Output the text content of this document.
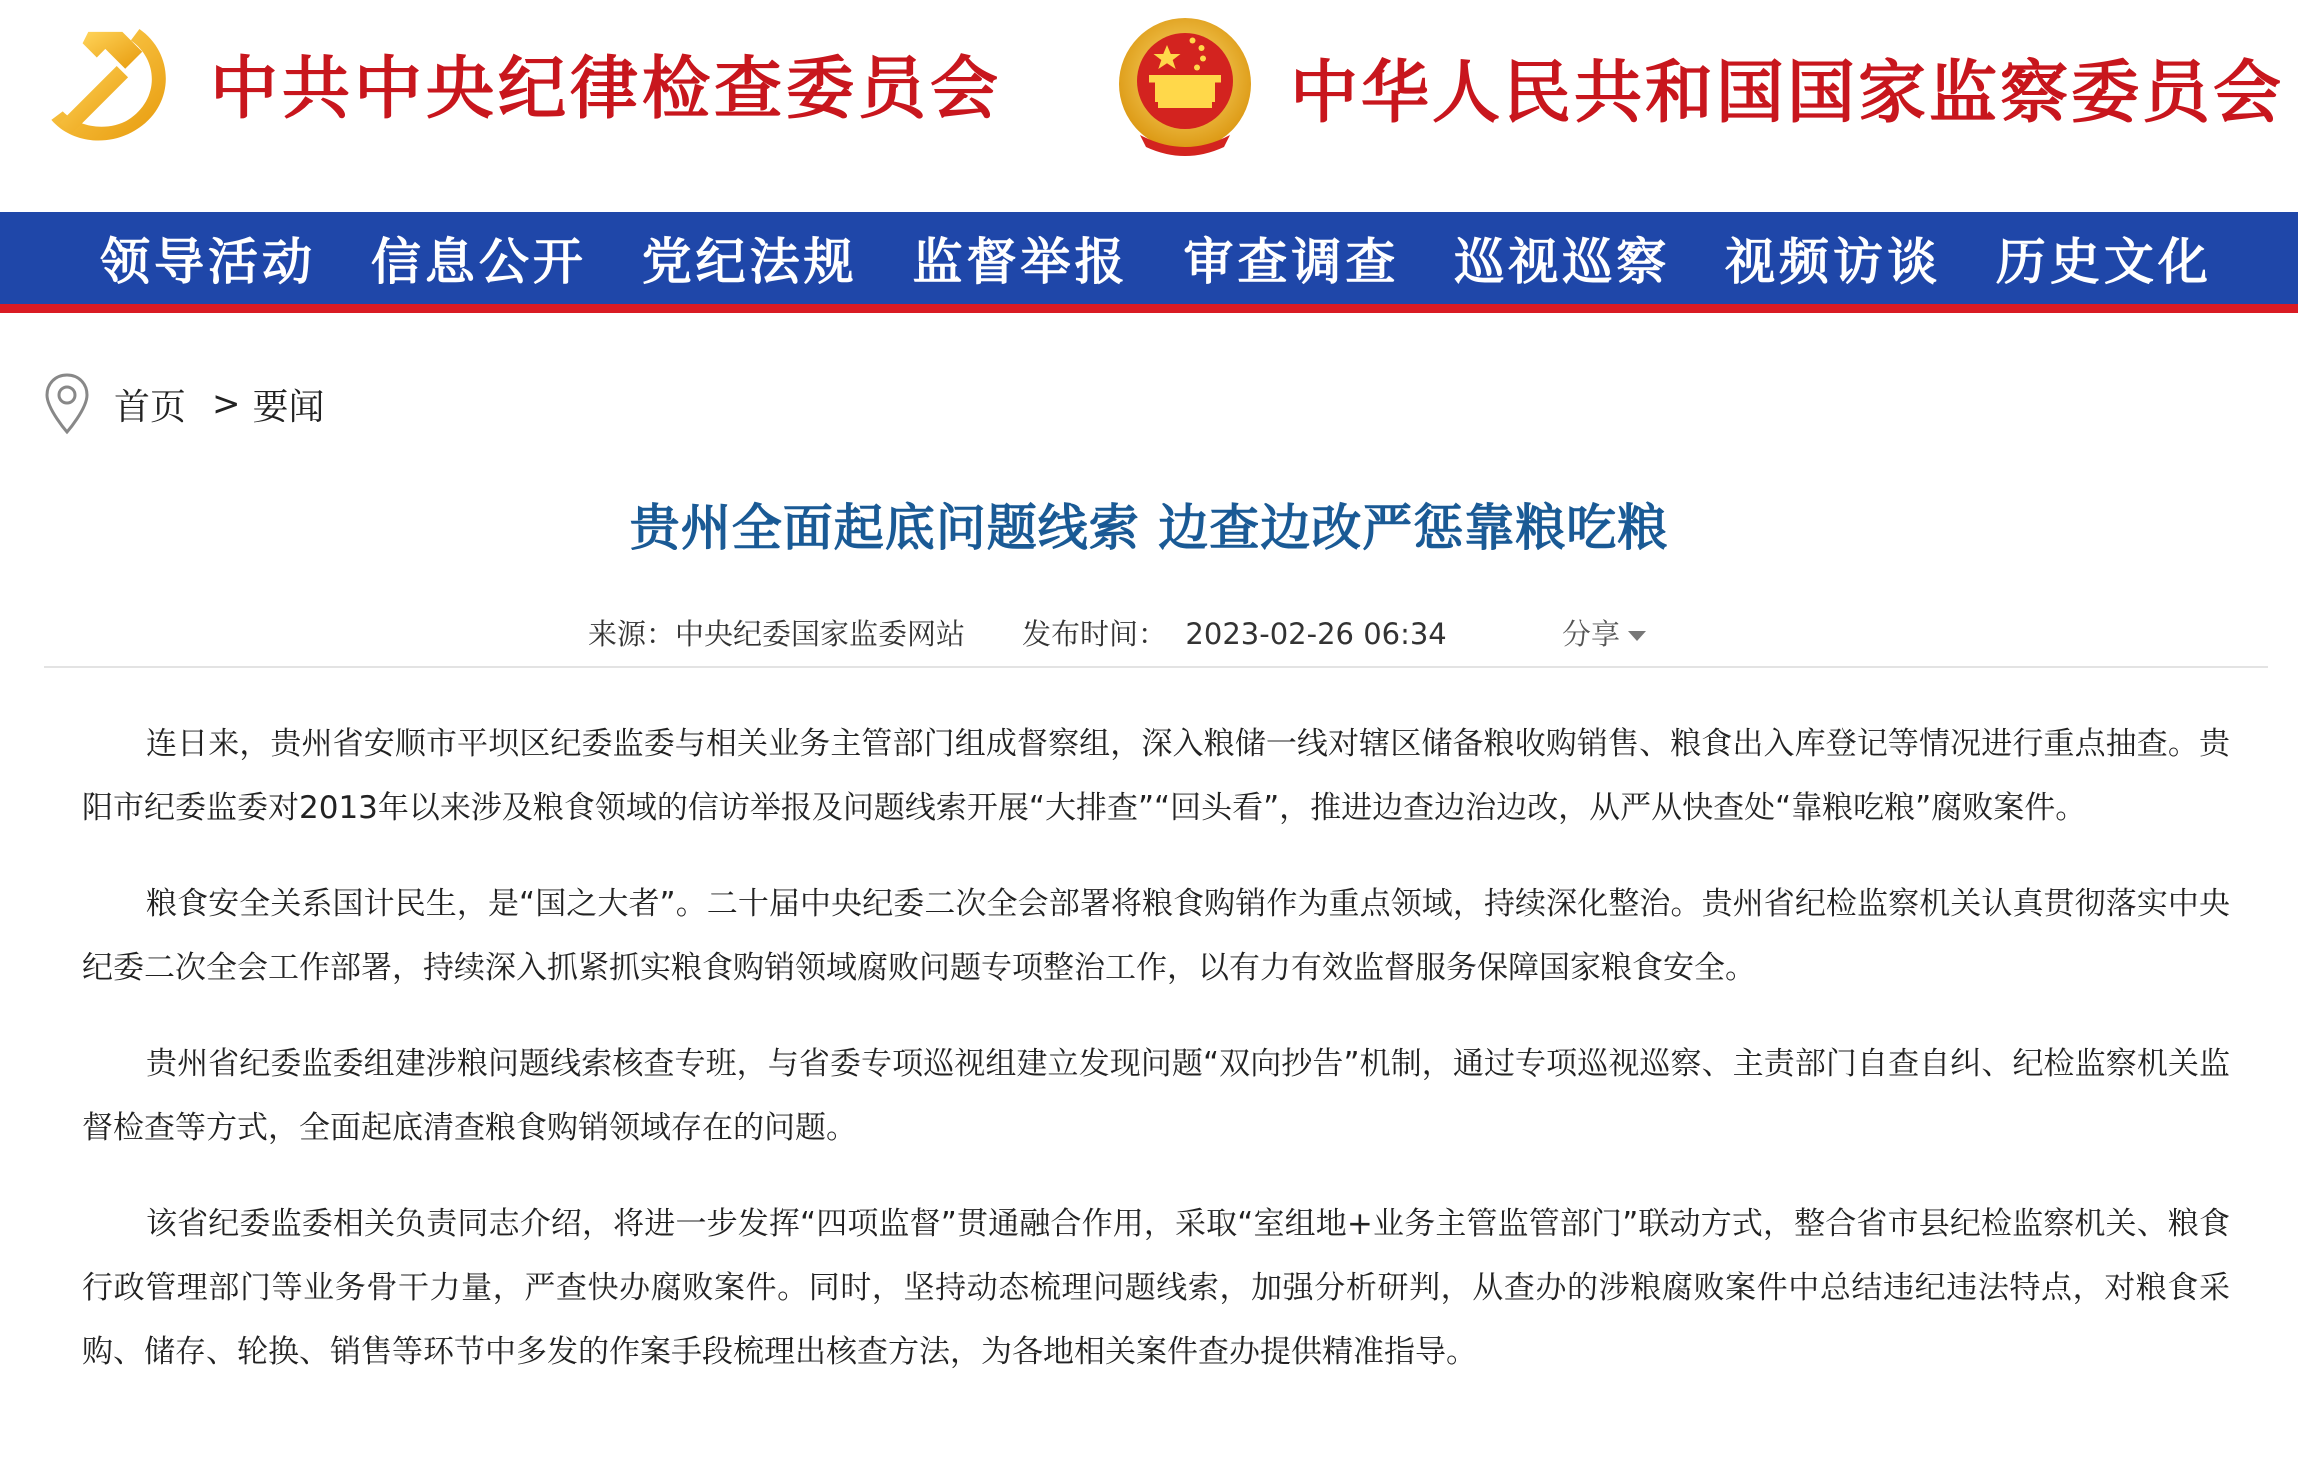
中共中央纪律检查委员会	中华人民共和国国家监察委员会
领导活动 信息公开 党纪法规 监督举报 审查调查 巡视巡察 视频访谈 历史文化
首页 > 要闻
贵州全面起底问题线索 边查边改严惩靠粮吃粮
来源：中央纪委国家监委网站 发布时间：  2023-02-26 06:34	分享

连日来，贵州省安顺市平坝区纪委监委与相关业务主管部门组成督察组，深入粮储一线对辖区储备粮收购销售、粮食出入库登记等情况进行重点抽查。贵阳市纪委监委对2013年以来涉及粮食领域的信访举报及问题线索开展“大排查”“回头看”，推进边查边治边改，从严从快查处“靠粮吃粮”腐败案件。

粮食安全关系国计民生，是“国之大者”。二十届中央纪委二次全会部署将粮食购销作为重点领域，持续深化整治。贵州省纪检监察机关认真贯彻落实中央纪委二次全会工作部署，持续深入抓紧抓实粮食购销领域腐败问题专项整治工作，以有力有效监督服务保障国家粮食安全。

贵州省纪委监委组建涉粮问题线索核查专班，与省委专项巡视组建立发现问题“双向抄告”机制，通过专项巡视巡察、主责部门自查自纠、纪检监察机关监督检查等方式，全面起底清查粮食购销领域存在的问题。

该省纪委监委相关负责同志介绍，将进一步发挥“四项监督”贯通融合作用，采取“室组地+业务主管监管部门”联动方式，整合省市县纪检监察机关、粮食行政管理部门等业务骨干力量，严查快办腐败案件。同时，坚持动态梳理问题线索，加强分析研判，从查办的涉粮腐败案件中总结违纪违法特点，对粮食采购、储存、轮换、销售等环节中多发的作案手段梳理出核查方法，为各地相关案件查办提供精准指导。
